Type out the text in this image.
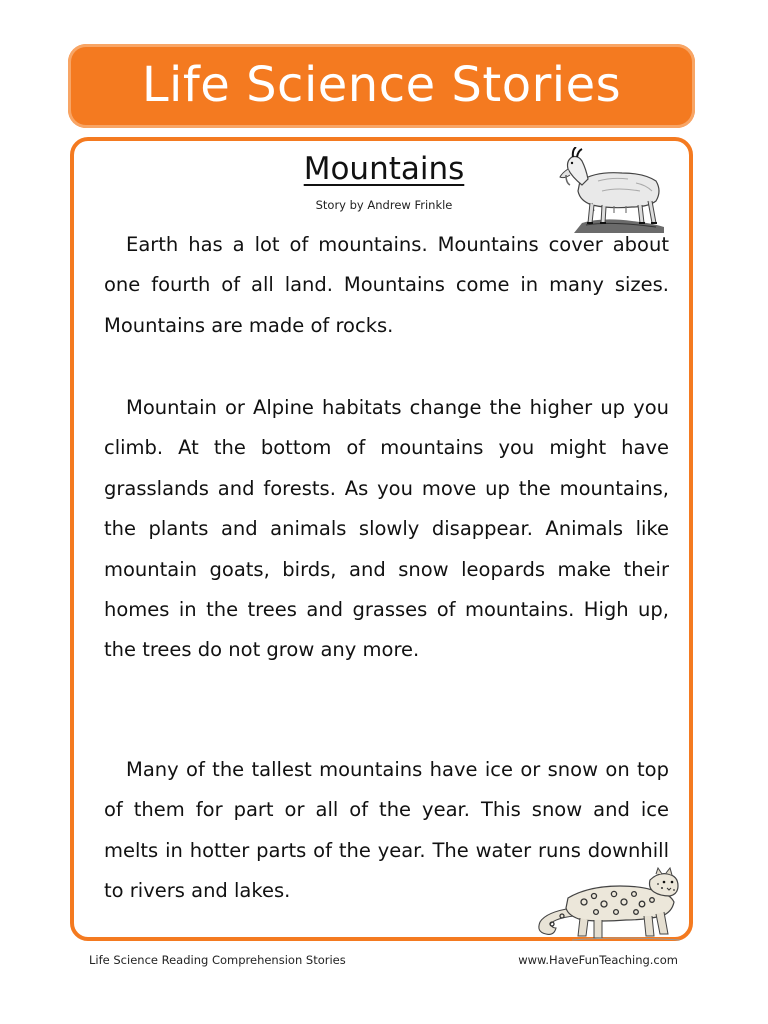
Life Science Stories
Mountains
Story by Andrew Frinkle
Earth has a lot of mountains. Mountains cover about one fourth of all land. Mountains come in many sizes. Mountains are made of rocks.
Mountain or Alpine habitats change the higher up you climb. At the bottom of mountains you might have grasslands and forests. As you move up the mountains, the plants and animals slowly disappear. Animals like mountain goats, birds, and snow leopards make their homes in the trees and grasses of mountains. High up, the trees do not grow any more.
Many of the tallest mountains have ice or snow on top of them for part or all of the year. This snow and ice melts in hotter parts of the year. The water runs downhill to rivers and lakes.
Life Science Reading Comprehension Stories	www.HaveFunTeaching.com
